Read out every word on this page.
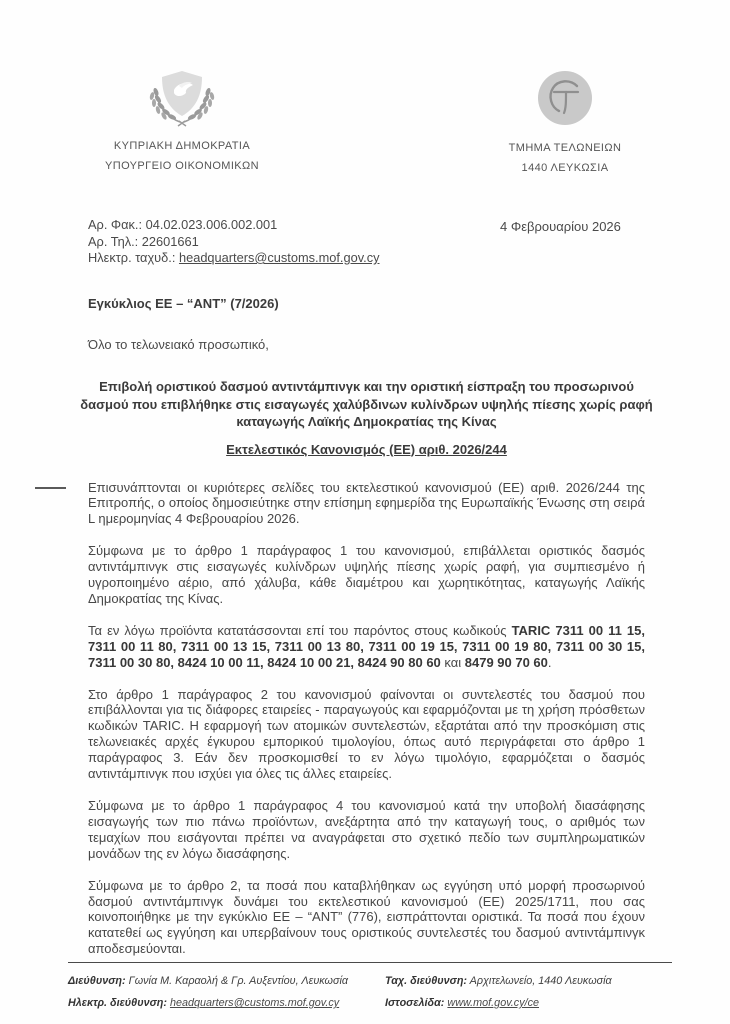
ΚΥΠΡΙΑΚΗ ΔΗΜΟΚΡΑΤΙΑ
ΥΠΟΥΡΓΕΙΟ ΟΙΚΟΝΟΜΙΚΩΝ
ΤΜΗΜΑ ΤΕΛΩΝΕΙΩΝ
1440 ΛΕΥΚΩΣΙΑ
Αρ. Φακ.: 04.02.023.006.002.001
Αρ. Τηλ.: 22601661
Ηλεκτρ. ταχυδ.: headquarters@customs.mof.gov.cy
4 Φεβρουαρίου 2026
Εγκύκλιος ΕΕ – “ΑΝΤ” (7/2026)
Όλο το τελωνειακό προσωπικό,
Επιβολή οριστικού δασμού αντιντάμπινγκ και την οριστική είσπραξη του προσωρινού δασμού που επιβλήθηκε στις εισαγωγές χαλύβδινων κυλίνδρων υψηλής πίεσης χωρίς ραφή καταγωγής Λαϊκής Δημοκρατίας της Κίνας
Εκτελεστικός Κανονισμός (ΕΕ) αριθ. 2026/244

Επισυνάπτονται οι κυριότερες σελίδες του εκτελεστικού κανονισμού (ΕΕ) αριθ. 2026/244 της Επιτροπής, ο οποίος δημοσιεύτηκε στην επίσημη εφημερίδα της Ευρωπαϊκής Ένωσης στη σειρά L ημερομηνίας 4 Φεβρουαρίου 2026.

Σύμφωνα με το άρθρο 1 παράγραφος 1 του κανονισμού, επιβάλλεται οριστικός δασμός αντιντάμπινγκ στις εισαγωγές κυλίνδρων υψηλής πίεσης χωρίς ραφή, για συμπιεσμένο ή υγροποιημένο αέριο, από χάλυβα, κάθε διαμέτρου και χωρητικότητας, καταγωγής Λαϊκής Δημοκρατίας της Κίνας.

Τα εν λόγω προϊόντα κατατάσσονται επί του παρόντος στους κωδικούς TARIC 7311 00 11 15, 7311 00 11 80, 7311 00 13 15, 7311 00 13 80, 7311 00 19 15, 7311 00 19 80, 7311 00 30 15, 7311 00 30 80, 8424 10 00 11, 8424 10 00 21, 8424 90 80 60 και 8479 90 70 60.

Στο άρθρο 1 παράγραφος 2 του κανονισμού φαίνονται οι συντελεστές του δασμού που επιβάλλονται για τις διάφορες εταιρείες - παραγωγούς και εφαρμόζονται με τη χρήση πρόσθετων κωδικών TARIC. Η εφαρμογή των ατομικών συντελεστών, εξαρτάται από την προσκόμιση στις τελωνειακές αρχές έγκυρου εμπορικού τιμολογίου, όπως αυτό περιγράφεται στο άρθρο 1 παράγραφος 3. Εάν δεν προσκομισθεί το εν λόγω τιμολόγιο, εφαρμόζεται ο δασμός αντιντάμπινγκ που ισχύει για όλες τις άλλες εταιρείες.

Σύμφωνα με το άρθρο 1 παράγραφος 4 του κανονισμού κατά την υποβολή διασάφησης εισαγωγής των πιο πάνω προϊόντων, ανεξάρτητα από την καταγωγή τους, ο αριθμός των τεμαχίων που εισάγονται πρέπει να αναγράφεται στο σχετικό πεδίο των συμπληρωματικών μονάδων της εν λόγω διασάφησης.

Σύμφωνα με το άρθρο 2, τα ποσά που καταβλήθηκαν ως εγγύηση υπό μορφή προσωρινού δασμού αντιντάμπινγκ δυνάμει του εκτελεστικού κανονισμού (ΕΕ) 2025/1711, που σας κοινοποιήθηκε με την εγκύκλιο ΕΕ – “ΑΝΤ” (776), εισπράττονται οριστικά. Τα ποσά που έχουν κατατεθεί ως εγγύηση και υπερβαίνουν τους οριστικούς συντελεστές του δασμού αντιντάμπινγκ αποδεσμεύονται.

Διεύθυνση: Γωνία Μ. Καραολή & Γρ. Αυξεντίου, Λευκωσία
Ηλεκτρ. διεύθυνση: headquarters@customs.mof.gov.cy
Ταχ. διεύθυνση: Αρχιτελωνείο, 1440 Λευκωσία
Ιστοσελίδα: www.mof.gov.cy/ce
